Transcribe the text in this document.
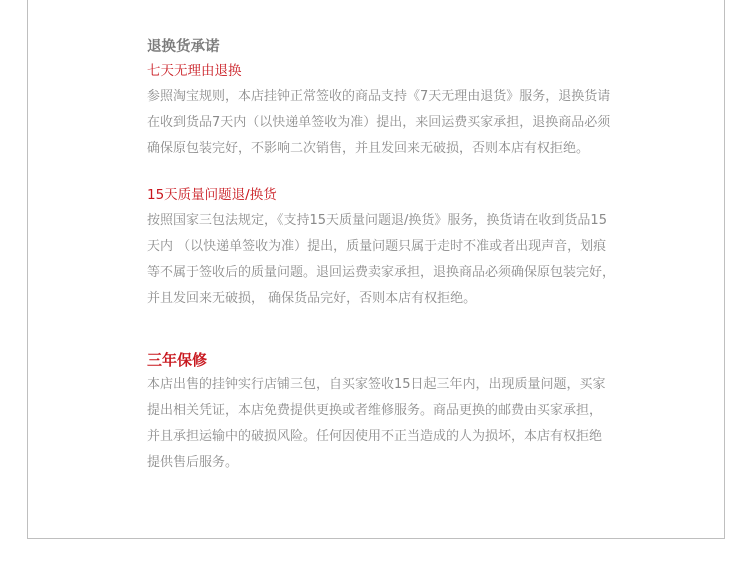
退换货承诺
七天无理由退换
参照淘宝规则，本店挂钟正常签收的商品支持《7天无理由退货》服务，退换货请
在收到货品7天内（以快递单签收为准）提出，来回运费买家承担，退换商品必须
确保原包装完好，不影响二次销售，并且发回来无破损，否则本店有权拒绝。
15天质量问题退/换货
按照国家三包法规定，《支持15天质量问题退/换货》服务，换货请在收到货品15
天内 （以快递单签收为准）提出，质量问题只属于走时不准或者出现声音，划痕
等不属于签收后的质量问题。退回运费卖家承担，退换商品必须确保原包装完好，
并且发回来无破损， 确保货品完好，否则本店有权拒绝。
三年保修
本店出售的挂钟实行店铺三包，自买家签收15日起三年内，出现质量问题，买家
提出相关凭证，本店免费提供更换或者维修服务。商品更换的邮费由买家承担，
并且承担运输中的破损风险。任何因使用不正当造成的人为损坏，本店有权拒绝
提供售后服务。
